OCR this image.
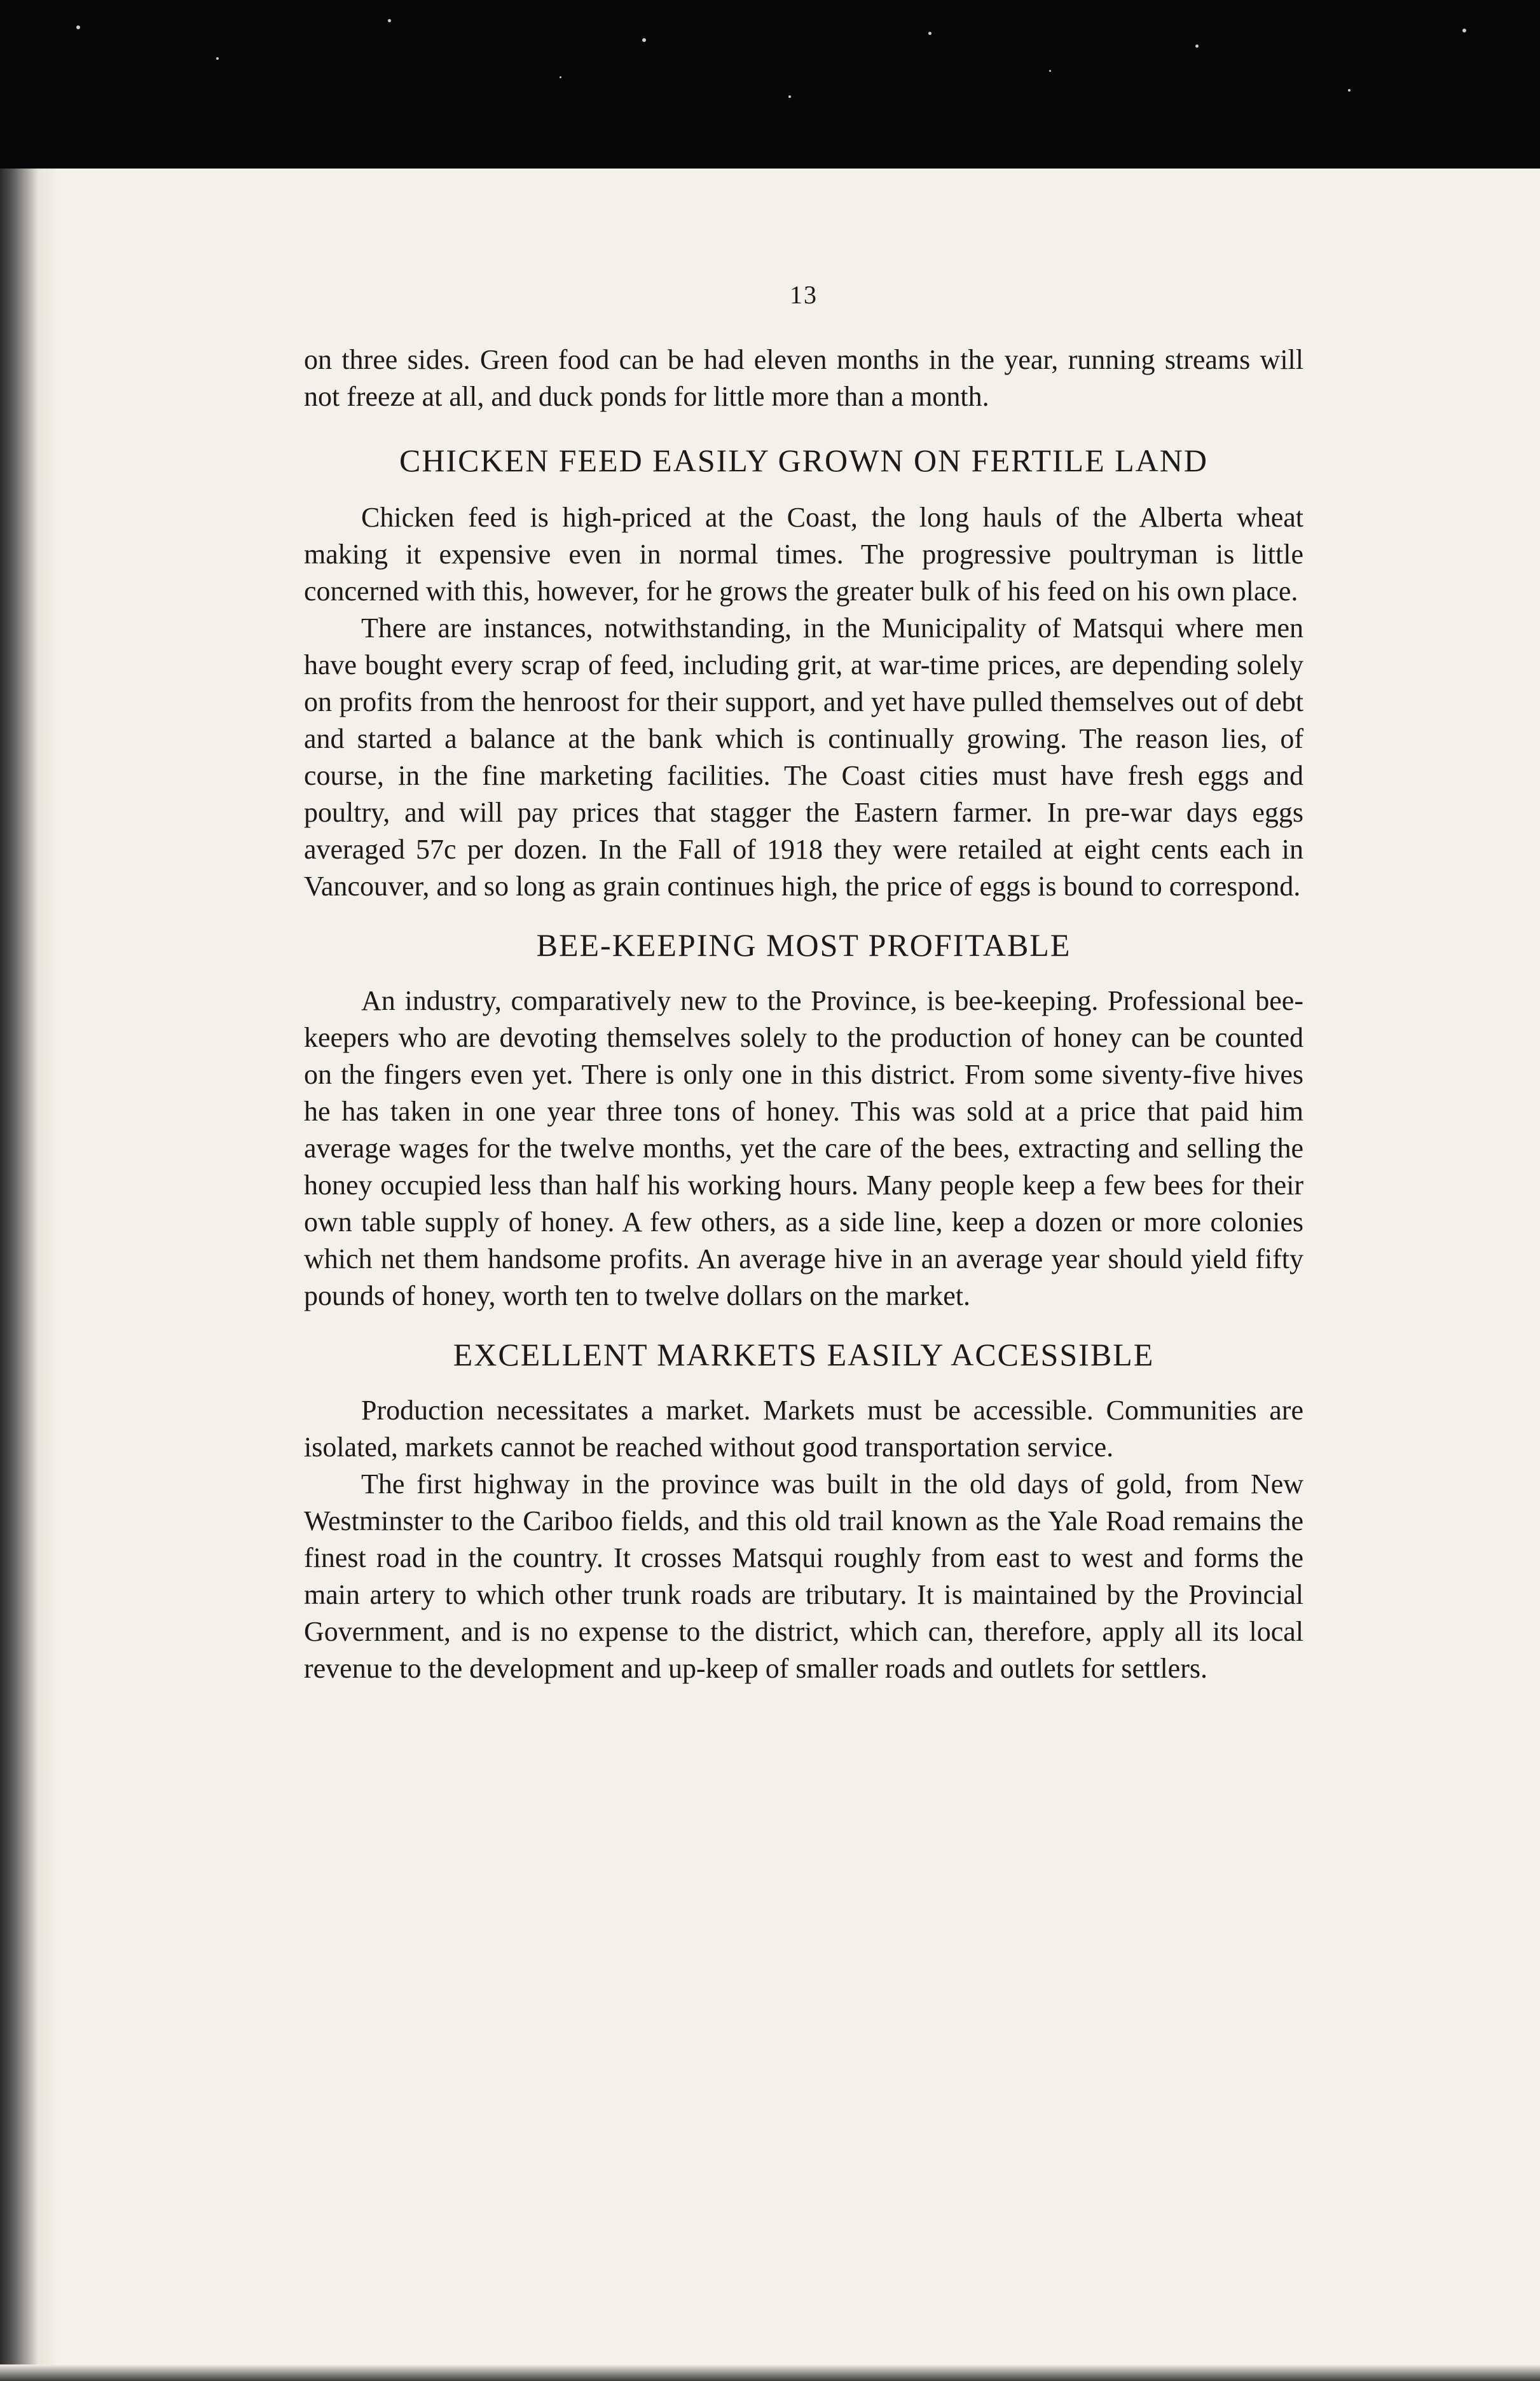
13

on three sides. Green food can be had eleven months in the year, running streams will not freeze at all, and duck ponds for little more than a month.

CHICKEN FEED EASILY GROWN ON FERTILE LAND

Chicken feed is high-priced at the Coast, the long hauls of the Alberta wheat making it expensive even in normal times. The progressive poultryman is little concerned with this, however, for he grows the greater bulk of his feed on his own place.

There are instances, notwithstanding, in the Municipality of Matsqui where men have bought every scrap of feed, including grit, at war-time prices, are depending solely on profits from the henroost for their support, and yet have pulled themselves out of debt and started a balance at the bank which is continually growing. The reason lies, of course, in the fine marketing facilities. The Coast cities must have fresh eggs and poultry, and will pay prices that stagger the Eastern farmer. In pre-war days eggs averaged 57c per dozen. In the Fall of 1918 they were retailed at eight cents each in Vancouver, and so long as grain continues high, the price of eggs is bound to correspond.

BEE-KEEPING MOST PROFITABLE

An industry, comparatively new to the Province, is bee-keeping. Professional bee-keepers who are devoting themselves solely to the production of honey can be counted on the fingers even yet. There is only one in this district. From some siventy-five hives he has taken in one year three tons of honey. This was sold at a price that paid him average wages for the twelve months, yet the care of the bees, extracting and selling the honey occupied less than half his working hours. Many people keep a few bees for their own table supply of honey. A few others, as a side line, keep a dozen or more colonies which net them handsome profits. An average hive in an average year should yield fifty pounds of honey, worth ten to twelve dollars on the market.

EXCELLENT MARKETS EASILY ACCESSIBLE

Production necessitates a market. Markets must be accessible. Communities are isolated, markets cannot be reached without good transportation service.

The first highway in the province was built in the old days of gold, from New Westminster to the Cariboo fields, and this old trail known as the Yale Road remains the finest road in the country. It crosses Matsqui roughly from east to west and forms the main artery to which other trunk roads are tributary. It is maintained by the Provincial Government, and is no expense to the district, which can, therefore, apply all its local revenue to the development and up-keep of smaller roads and outlets for settlers.
